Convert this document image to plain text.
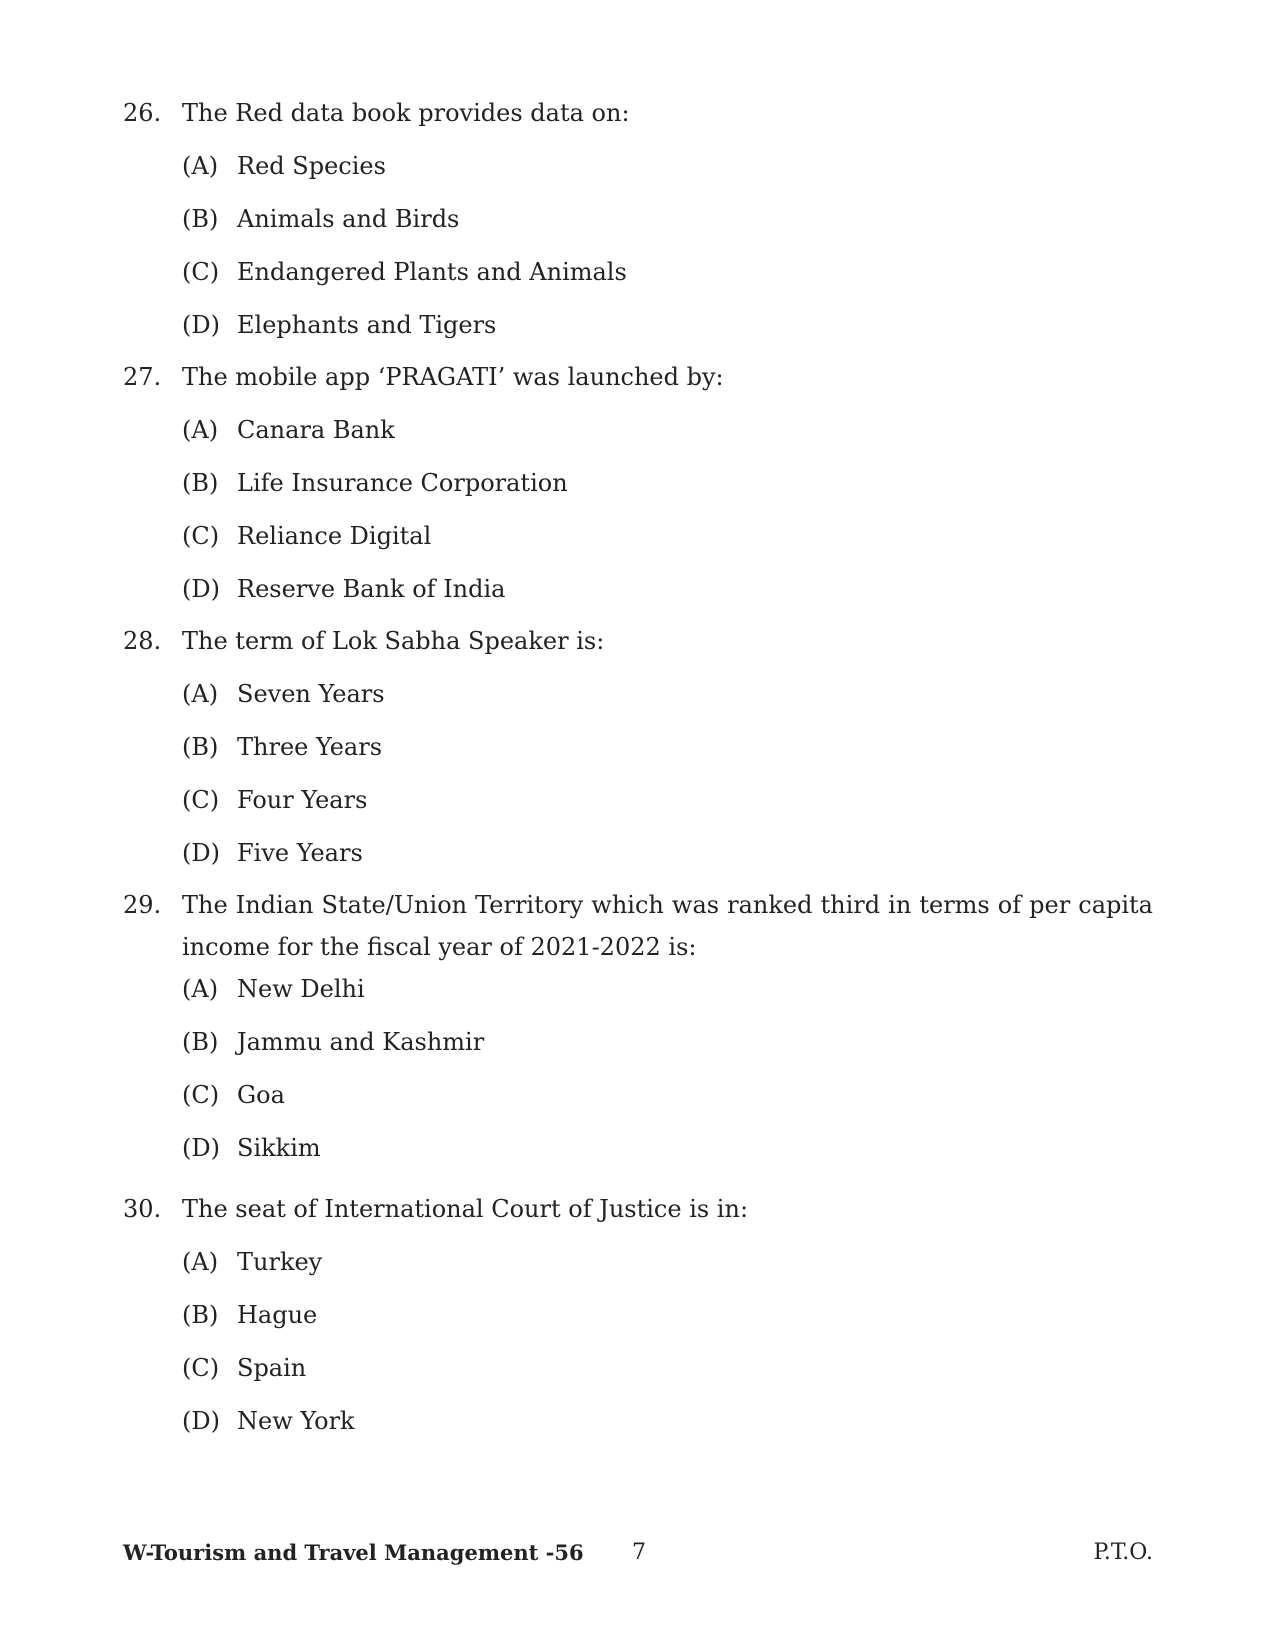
26. The Red data book provides data on:
(A) Red Species
(B) Animals and Birds
(C) Endangered Plants and Animals
(D) Elephants and Tigers
27. The mobile app ‘PRAGATI’ was launched by:
(A) Canara Bank
(B) Life Insurance Corporation
(C) Reliance Digital
(D) Reserve Bank of India
28. The term of Lok Sabha Speaker is:
(A) Seven Years
(B) Three Years
(C) Four Years
(D) Five Years
29. The Indian State/Union Territory which was ranked third in terms of per capita income for the fiscal year of 2021-2022 is:
(A) New Delhi
(B) Jammu and Kashmir
(C) Goa
(D) Sikkim
30. The seat of International Court of Justice is in:
(A) Turkey
(B) Hague
(C) Spain
(D) New York
W-Tourism and Travel Management -56 7	P.T.O.
